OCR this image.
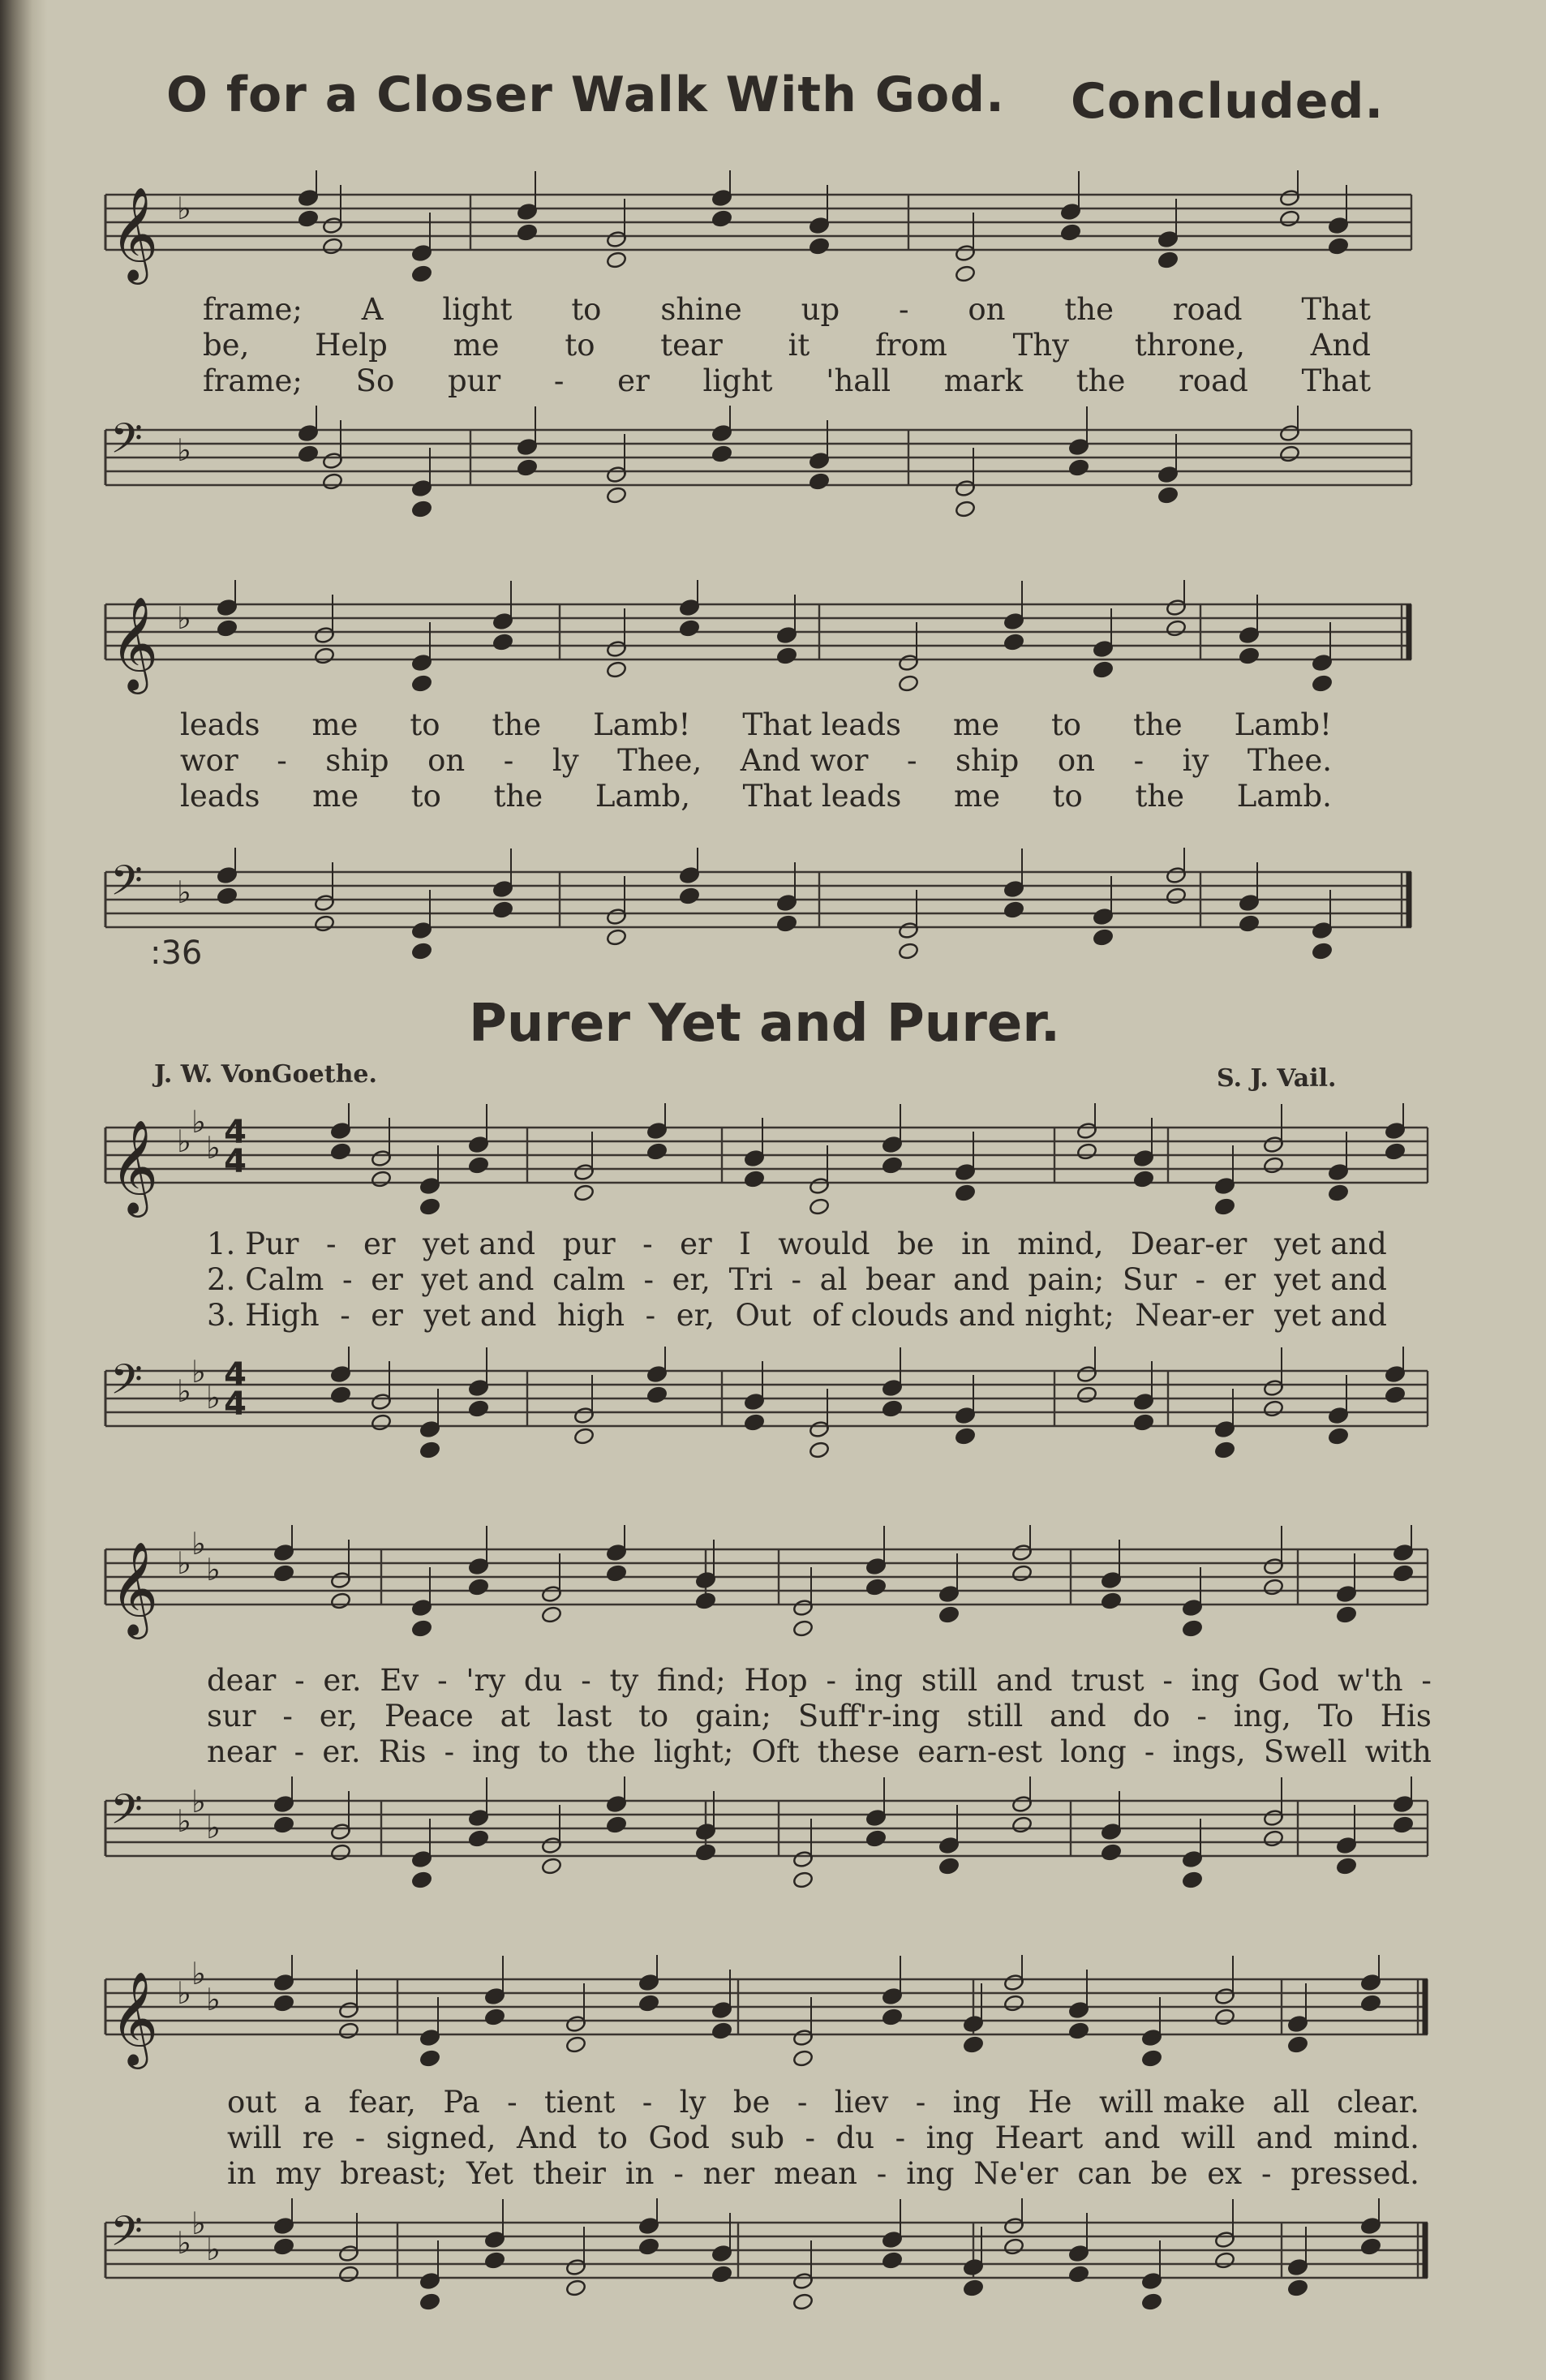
O for a Closer Walk With God. Concluded.
𝄞 ♭
frame; A light to shine up - on the road That
be, Help me to tear it from Thy throne, And
frame; So pur - er light 'hall mark the road That
𝄢 ♭
𝄞 ♭
leads me to the Lamb! That leads me to the Lamb!
wor - ship on - ly Thee, And wor - ship on - iy Thee.
leads me to the Lamb, That leads me to the Lamb.
𝄢 ♭
:36
Purer Yet and Purer.
J. W. VonGoethe.	S. J. Vail.
𝄞 ♭
♭
♭ 4
4
1. Pur - er yet and pur - er I would be in mind, Dear-er yet and
2. Calm - er yet and calm - er, Tri - al bear and pain; Sur - er yet and
3. High - er yet and high - er, Out of clouds and night; Near-er yet and
𝄢 ♭
♭
♭
4
4
𝄞 ♭
♭
♭
dear - er. Ev - 'ry du - ty find; Hop - ing still and trust - ing God w'th -
sur - er, Peace at last to gain; Suff'r-ing still and do - ing, To His
near - er. Ris - ing to the light; Oft these earn-est long - ings, Swell with
𝄢 ♭
♭
♭
𝄞 ♭
♭
♭
out a fear, Pa - tient - ly be - liev - ing He will make all clear.
will re - signed, And to God sub - du - ing Heart and will and mind.
in my breast; Yet their in - ner mean - ing Ne'er can be ex - pressed.
𝄢 ♭
♭
♭
